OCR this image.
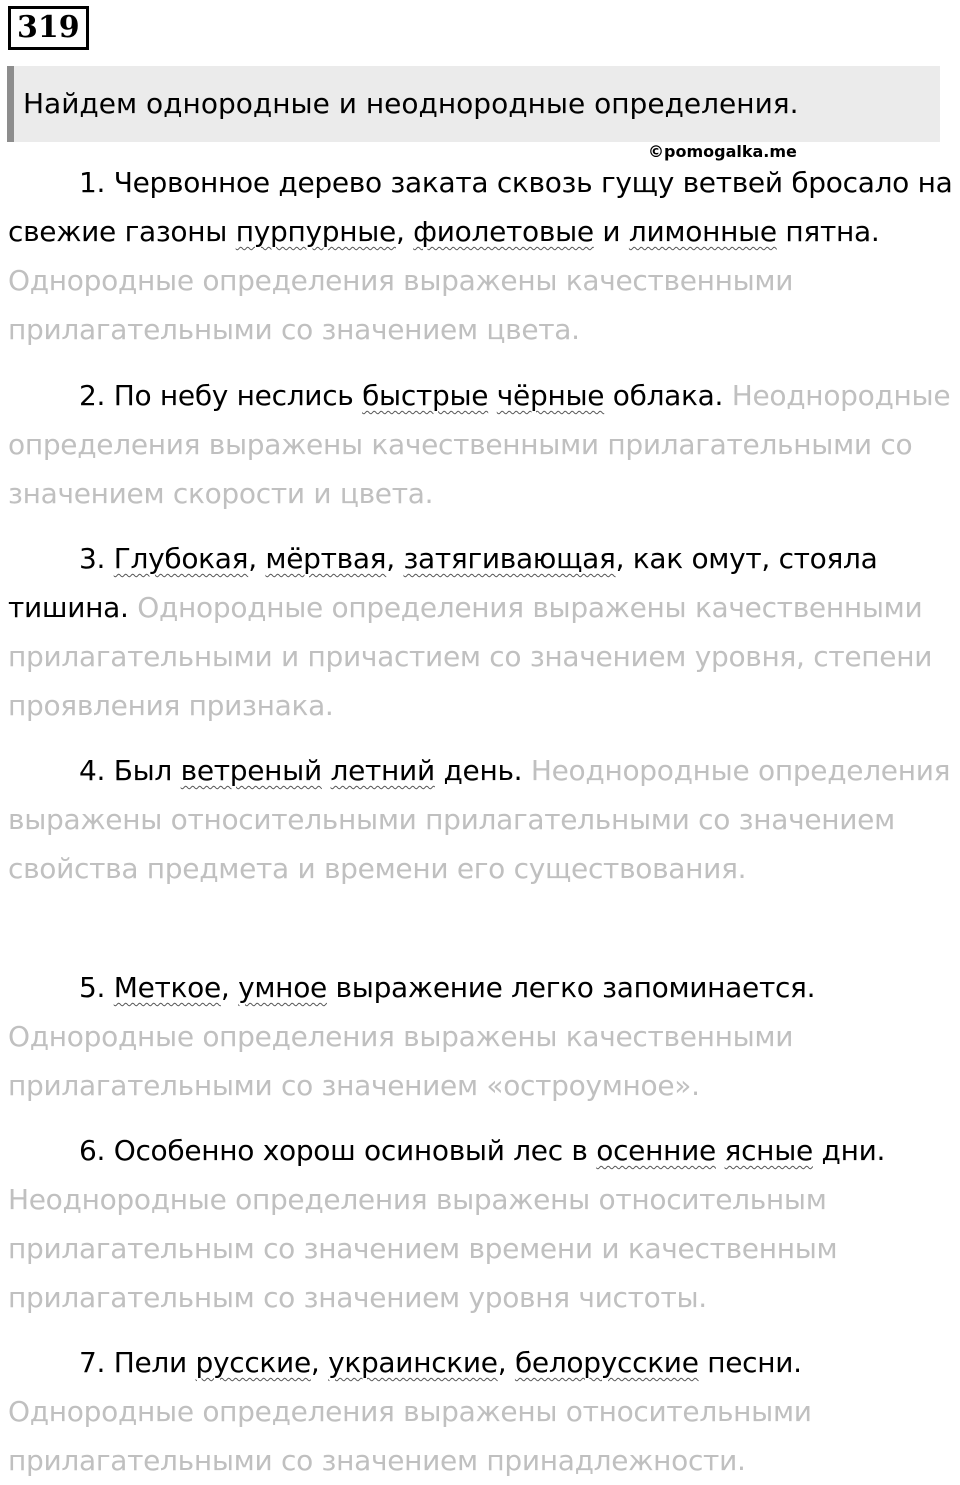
319
Найдем однородные и неоднородные определения.
©pomogalka.me
1. Червонное дерево заката сквозь гущу ветвей бросало на свежие газоны пурпурные, фиолетовые и лимонные пятна. Однородные определения выражены качественными прилагательными со значением цвета.
2. По небу неслись быстрые чёрные облака. Неоднородные определения выражены качественными прилагательными со значением скорости и цвета.
3. Глубокая, мёртвая, затягивающая, как омут, стояла тишина. Однородные определения выражены качественными прилагательными и причастием со значением уровня, степени проявления признака.
4. Был ветреный летний день. Неоднородные определения выражены относительными прилагательными со значением свойства предмета и времени его существования.
5. Меткое, умное выражение легко запоминается. Однородные определения выражены качественными прилагательными со значением «остроумное».
6. Особенно хорош осиновый лес в осенние ясные дни. Неоднородные определения выражены относительным прилагательным со значением времени и качественным прилагательным со значением уровня чистоты.
7. Пели русские, украинские, белорусские песни. Однородные определения выражены относительными прилагательными со значением принадлежности.
